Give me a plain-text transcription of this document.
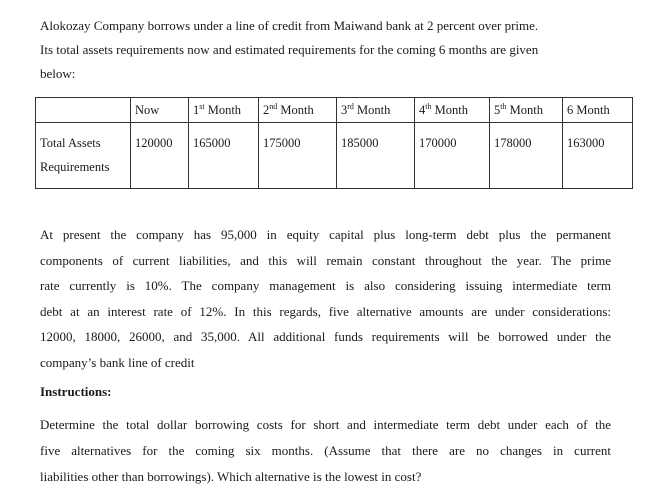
Alokozay Company borrows under a line of credit from Maiwand bank at 2 percent over prime.
Its total assets requirements now and estimated requirements for the coming 6 months are given
below:

	Now	1st Month	2nd Month	3rd Month	4th Month	5th Month	6 Month

Total Assets
Requirements	120000	165000	175000	185000	170000	178000	163000

At present the company has 95,000 in equity capital plus long-term debt plus the permanent
components of current liabilities, and this will remain constant throughout the year. The prime
rate currently is 10%. The company management is also considering issuing intermediate term
debt at an interest rate of 12%. In this regards, five alternative amounts are under considerations:
12000, 18000, 26000, and 35,000. All additional funds requirements will be borrowed under the
company’s bank line of credit

Instructions:

Determine the total dollar borrowing costs for short and intermediate term debt under each of the
five alternatives for the coming six months. (Assume that there are no changes in current
liabilities other than borrowings). Which alternative is the lowest in cost?
